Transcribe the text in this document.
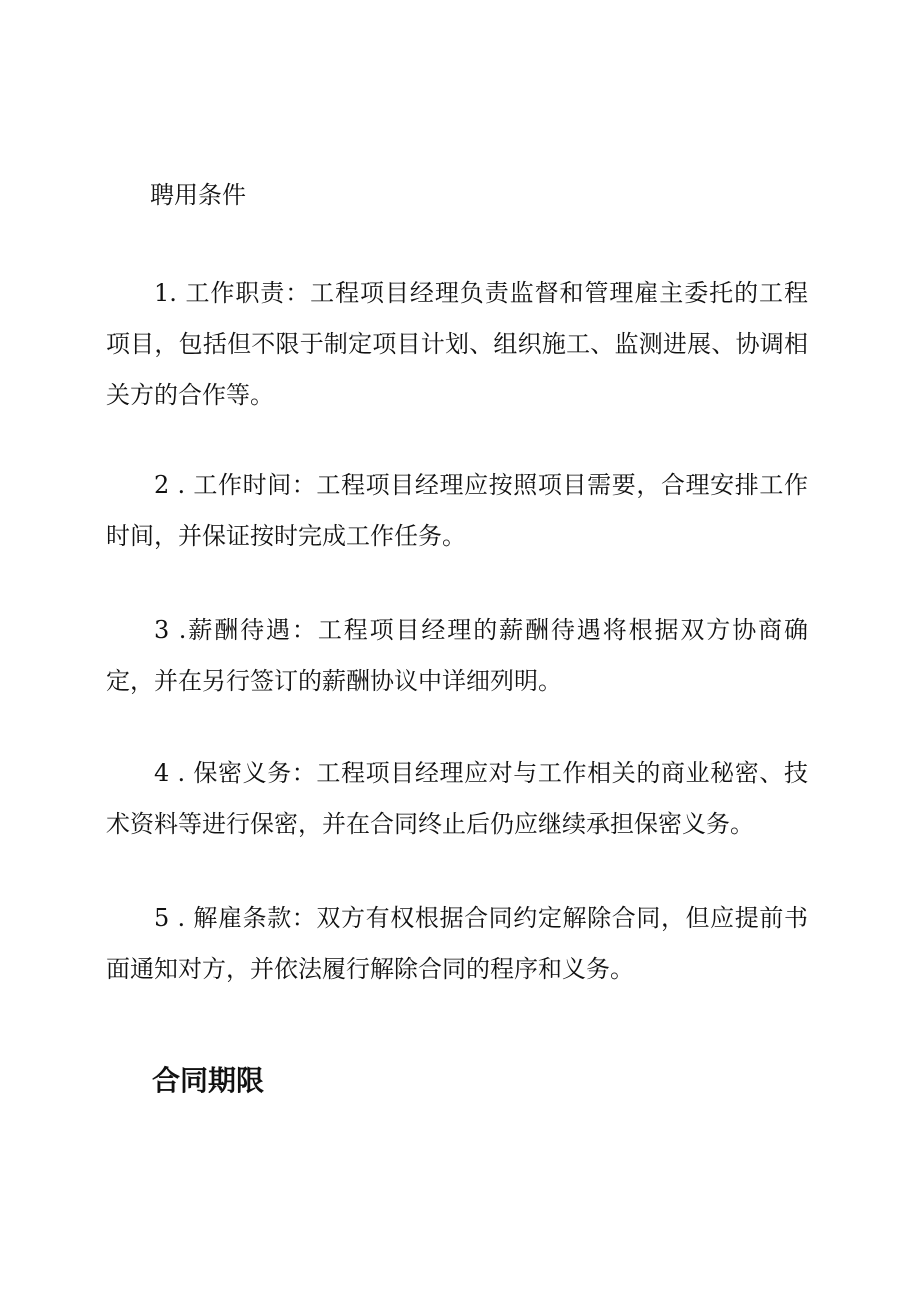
聘用条件

1. 工作职责：工程项目经理负责监督和管理雇主委托的工程项目，包括但不限于制定项目计划、组织施工、监测进展、协调相关方的合作等。

2 . 工作时间：工程项目经理应按照项目需要，合理安排工作时间，并保证按时完成工作任务。

3 .薪酬待遇：工程项目经理的薪酬待遇将根据双方协商确定，并在另行签订的薪酬协议中详细列明。

4 . 保密义务：工程项目经理应对与工作相关的商业秘密、技术资料等进行保密，并在合同终止后仍应继续承担保密义务。

5 . 解雇条款：双方有权根据合同约定解除合同，但应提前书面通知对方，并依法履行解除合同的程序和义务。

合同期限
